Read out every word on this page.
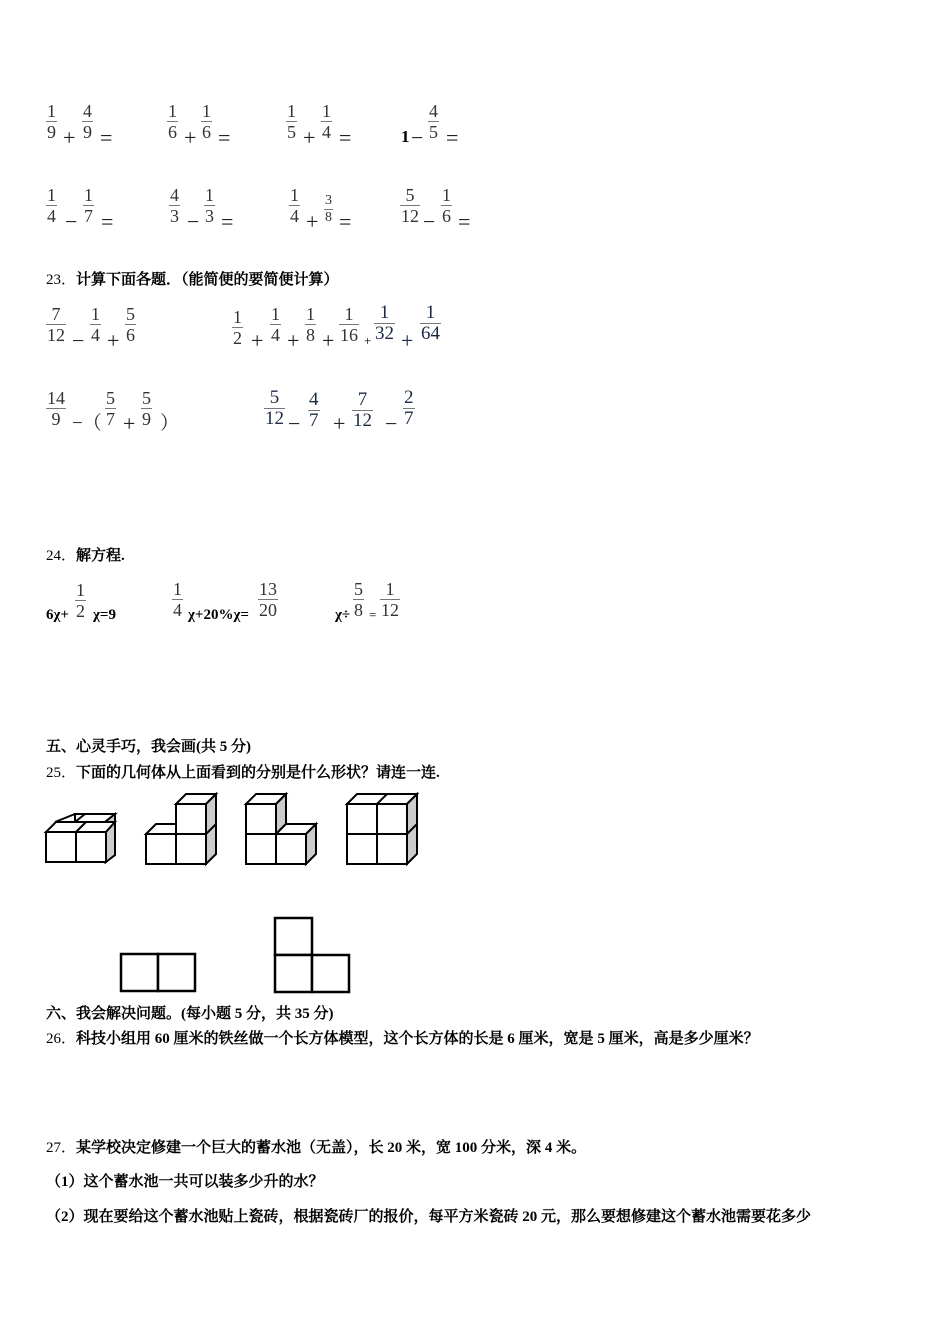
$\frac{1}{9} + \frac{4}{9}$ =	$\frac{1}{6} + \frac{1}{6}$ =	$\frac{1}{5} + \frac{1}{4}$ =	$1 - \frac{4}{5}$ =
$\frac{1}{4} - \frac{1}{7}$ =	$\frac{4}{3} - \frac{1}{3}$ =	$\frac{1}{4} + \frac{3}{8}$ =	$\frac{5}{12} - \frac{1}{6}$ =
23．计算下面各题．（能简便的要简便计算）
$\frac{7}{12} - \frac{1}{4} + \frac{5}{6}$	$\frac{1}{2} + \frac{1}{4} + \frac{1}{8} + \frac{1}{16} + \frac{1}{32} + \frac{1}{64}$
$\frac{14}{9}$ −（ $\frac{5}{7} + \frac{5}{9}$ ）	$\frac{5}{12} - \frac{4}{7} + \frac{7}{12} - \frac{2}{7}$
24．解方程.
$6\chi+ \frac{1}{2} \chi=9$	$\frac{1}{4} \chi+20\%\chi= \frac{13}{20}$	$\chi\div \frac{5}{8} = \frac{1}{12}$
五、心灵手巧，我会画(共 5 分)
25．下面的几何体从上面看到的分别是什么形状？请连一连.
六、我会解决问题。(每小题 5 分，共 35 分)
26．科技小组用 60 厘米的铁丝做一个长方体模型，这个长方体的长是 6 厘米，宽是 5 厘米，高是多少厘米？
27．某学校决定修建一个巨大的蓄水池（无盖），长 20 米，宽 100 分米，深 4 米。
（1）这个蓄水池一共可以装多少升的水？
（2）现在要给这个蓄水池贴上瓷砖，根据瓷砖厂的报价，每平方米瓷砖 20 元，那么要想修建这个蓄水池需要花多少
